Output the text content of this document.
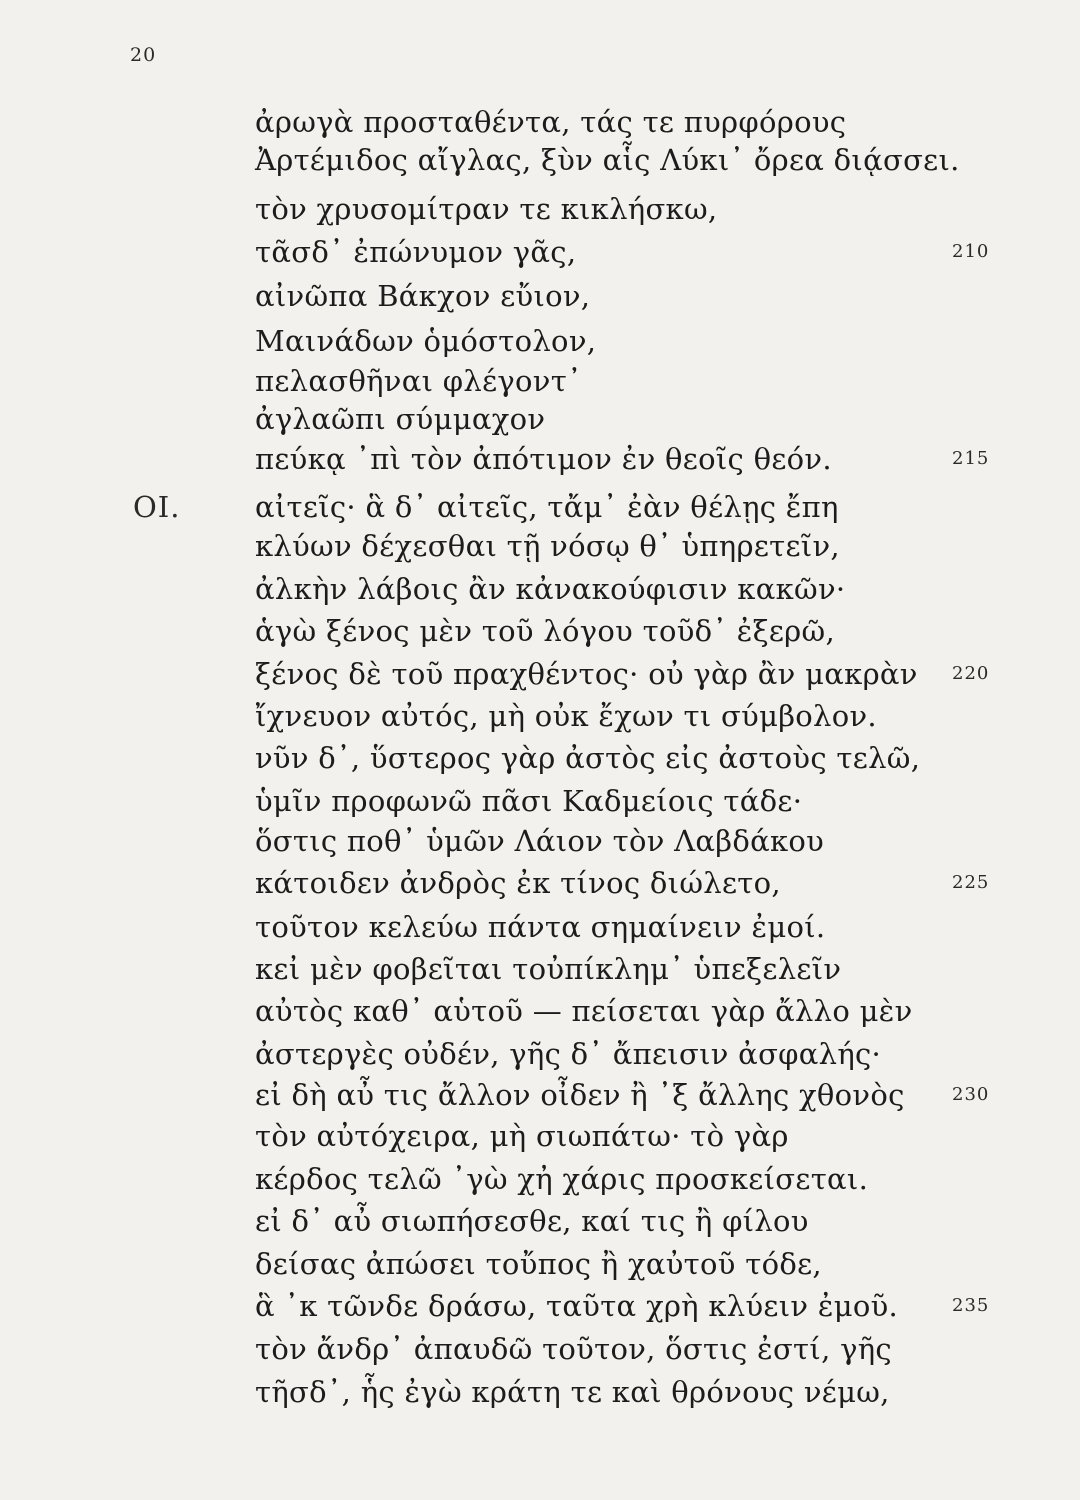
20
OI.
ἀρωγὰ προσταθέντα, τάς τε πυρφόρους
Ἀρτέμιδος αἴγλας, ξὺν αἷς Λύκι᾽ ὄρεα διᾴσσει.
τὸν χρυσομίτραν τε κικλήσκω,
τᾶσδ᾽ ἐπώνυμον γᾶς,
αἰνῶπα Βάκχον εὔιον,
Μαινάδων ὁμόστολον,
πελασθῆναι φλέγοντ᾽
ἀγλαῶπι σύμμαχον
πεύκᾳ ᾽πὶ τὸν ἀπότιμον ἐν θεοῖς θεόν.
αἰτεῖς· ἃ δ᾽ αἰτεῖς, τἄμ᾽ ἐὰν θέλῃς ἔπη
κλύων δέχεσθαι τῇ νόσῳ θ᾽ ὑπηρετεῖν,
ἀλκὴν λάβοις ἂν κἀνακούφισιν κακῶν·
ἁγὼ ξένος μὲν τοῦ λόγου τοῦδ᾽ ἐξερῶ,
ξένος δὲ τοῦ πραχθέντος· οὐ γὰρ ἂν μακρὰν
ἴχνευον αὐτός, μὴ οὐκ ἔχων τι σύμβολον.
νῦν δ᾽, ὕστερος γὰρ ἀστὸς εἰς ἀστοὺς τελῶ,
ὑμῖν προφωνῶ πᾶσι Καδμείοις τάδε·
ὅστις ποθ᾽ ὑμῶν Λάιον τὸν Λαβδάκου
κάτοιδεν ἀνδρὸς ἐκ τίνος διώλετο,
τοῦτον κελεύω πάντα σημαίνειν ἐμοί.
κεἰ μὲν φοβεῖται τοὐπίκλημ᾽ ὑπεξελεῖν
αὐτὸς καθ᾽ αὑτοῦ — πείσεται γὰρ ἄλλο μὲν
ἀστεργὲς οὐδέν, γῆς δ᾽ ἄπεισιν ἀσφαλής·
εἰ δὴ αὖ τις ἄλλον οἶδεν ἢ ᾽ξ ἄλλης χθονὸς
τὸν αὐτόχειρα, μὴ σιωπάτω· τὸ γὰρ
κέρδος τελῶ ᾽γὼ χἠ χάρις προσκείσεται.
εἰ δ᾽ αὖ σιωπήσεσθε, καί τις ἢ φίλου
δείσας ἀπώσει τοὔπος ἢ χαὐτοῦ τόδε,
ἃ ᾽κ τῶνδε δράσω, ταῦτα χρὴ κλύειν ἐμοῦ.
τὸν ἄνδρ᾽ ἀπαυδῶ τοῦτον, ὅστις ἐστί, γῆς
τῆσδ᾽, ἧς ἐγὼ κράτη τε καὶ θρόνους νέμω,
210
215
220
225
230
235
